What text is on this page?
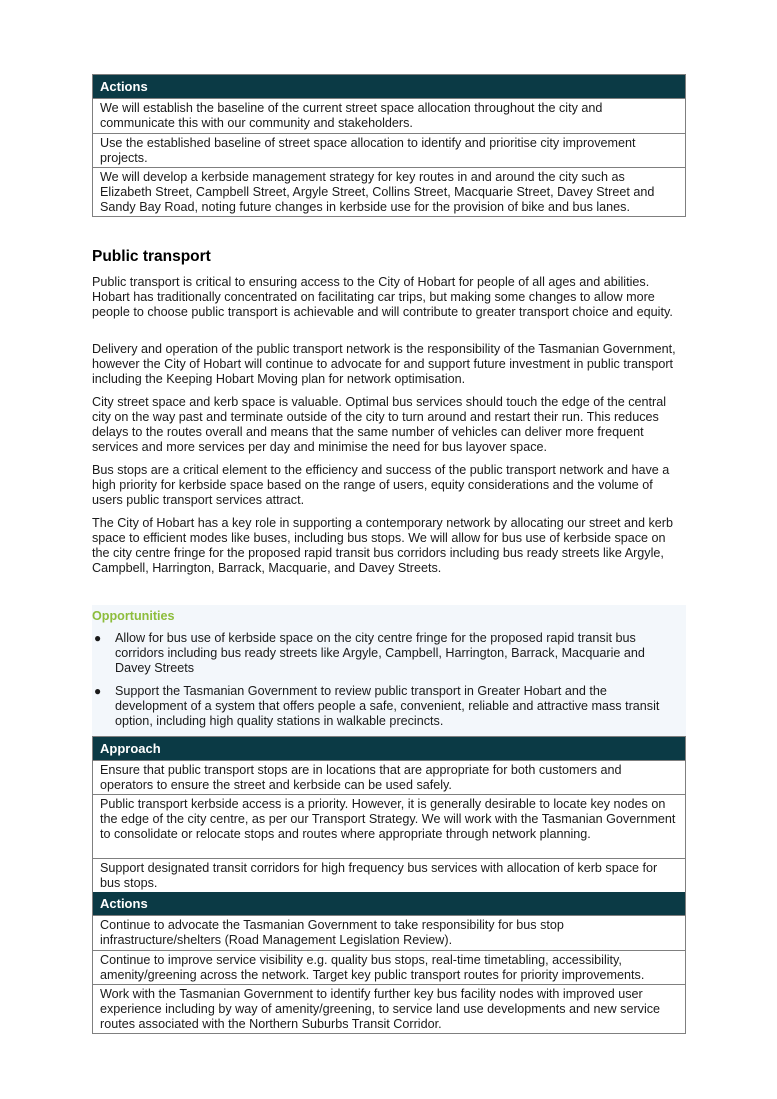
Actions
We will establish the baseline of the current street space allocation throughout the city and communicate this with our community and stakeholders.
Use the established baseline of street space allocation to identify and prioritise city improvement projects.
We will develop a kerbside management strategy for key routes in and around the city such as Elizabeth Street, Campbell Street, Argyle Street, Collins Street, Macquarie Street, Davey Street and Sandy Bay Road, noting future changes in kerbside use for the provision of bike and bus lanes.
Public transport

Public transport is critical to ensuring access to the City of Hobart for people of all ages and abilities. Hobart has traditionally concentrated on facilitating car trips, but making some changes to allow more people to choose public transport is achievable and will contribute to greater transport choice and equity.

Delivery and operation of the public transport network is the responsibility of the Tasmanian Government, however the City of Hobart will continue to advocate for and support future investment in public transport including the Keeping Hobart Moving plan for network optimisation.

City street space and kerb space is valuable. Optimal bus services should touch the edge of the central city on the way past and terminate outside of the city to turn around and restart their run. This reduces delays to the routes overall and means that the same number of vehicles can deliver more frequent services and more services per day and minimise the need for bus layover space.

Bus stops are a critical element to the efficiency and success of the public transport network and have a high priority for kerbside space based on the range of users, equity considerations and the volume of users public transport services attract.

The City of Hobart has a key role in supporting a contemporary network by allocating our street and kerb space to efficient modes like buses, including bus stops. We will allow for bus use of kerbside space on the city centre fringe for the proposed rapid transit bus corridors including bus ready streets like Argyle, Campbell, Harrington, Barrack, Macquarie, and Davey Streets.

Opportunities
● Allow for bus use of kerbside space on the city centre fringe for the proposed rapid transit bus corridors including bus ready streets like Argyle, Campbell, Harrington, Barrack, Macquarie and Davey Streets
● Support the Tasmanian Government to review public transport in Greater Hobart and the development of a system that offers people a safe, convenient, reliable and attractive mass transit option, including high quality stations in walkable precincts.
Approach
Ensure that public transport stops are in locations that are appropriate for both customers and operators to ensure the street and kerbside can be used safely.
Public transport kerbside access is a priority. However, it is generally desirable to locate key nodes on the edge of the city centre, as per our Transport Strategy. We will work with the Tasmanian Government to consolidate or relocate stops and routes where appropriate through network planning.
Support designated transit corridors for high frequency bus services with allocation of kerb space for bus stops.
Actions
Continue to advocate the Tasmanian Government to take responsibility for bus stop infrastructure/shelters (Road Management Legislation Review).
Continue to improve service visibility e.g. quality bus stops, real-time timetabling, accessibility, amenity/greening across the network. Target key public transport routes for priority improvements.
Work with the Tasmanian Government to identify further key bus facility nodes with improved user experience including by way of amenity/greening, to service land use developments and new service routes associated with the Northern Suburbs Transit Corridor.
